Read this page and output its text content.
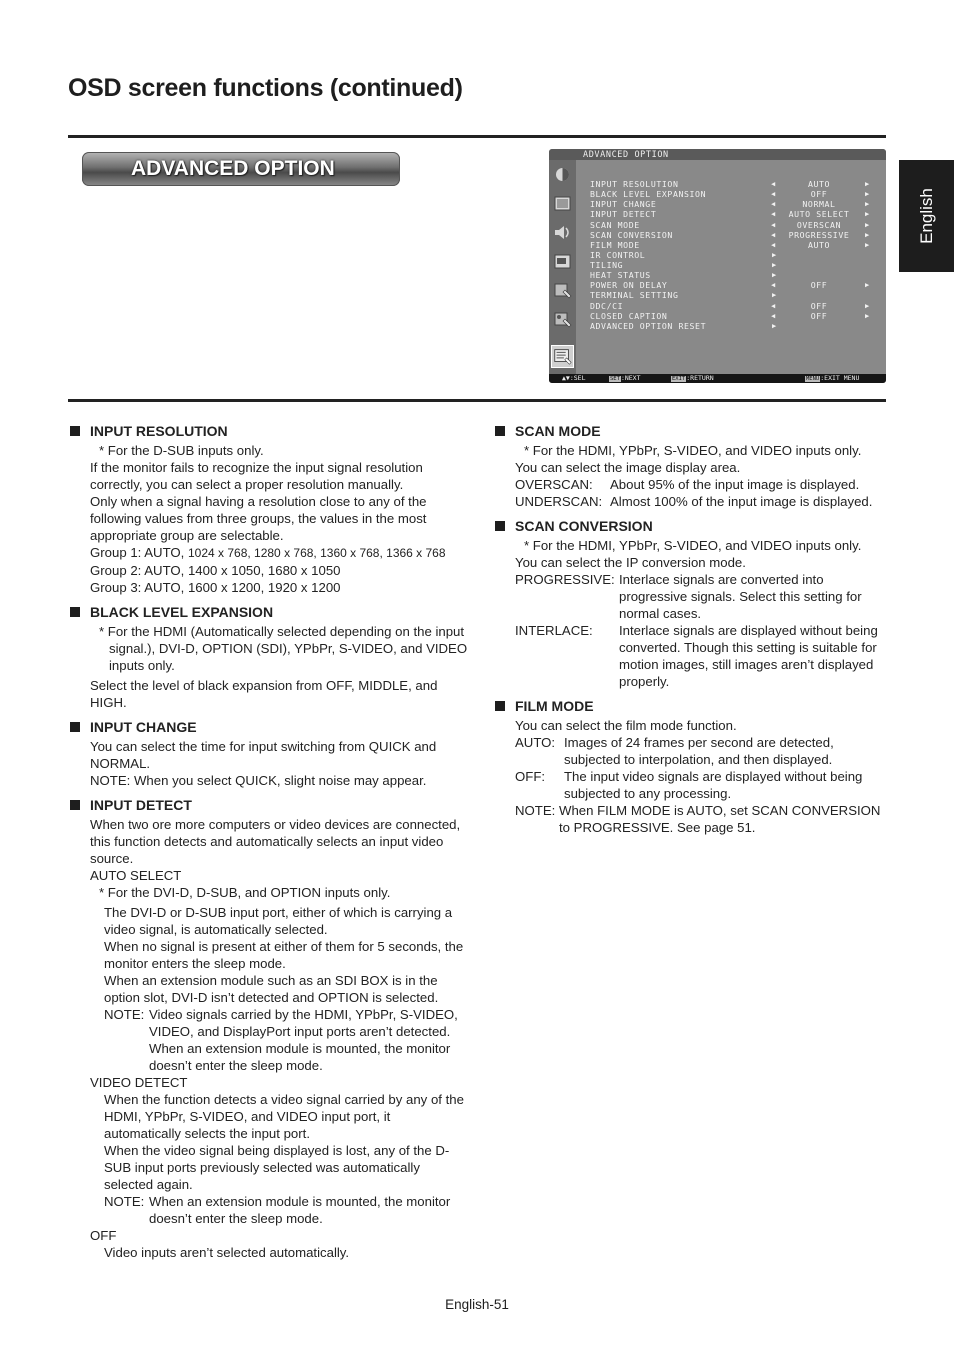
OSD screen functions (continued)
ADVANCED OPTION
English
ADVANCED OPTION
INPUT RESOLUTION	◀	AUTO	▶
BLACK LEVEL EXPANSION	◀	OFF	▶
INPUT CHANGE	◀	NORMAL	▶
INPUT DETECT	◀	AUTO SELECT	▶
SCAN MODE	◀	OVERSCAN	▶
SCAN CONVERSION	◀	PROGRESSIVE	▶
FILM MODE	◀	AUTO	▶
IR CONTROL	▶
TILING	▶
HEAT STATUS	▶
POWER ON DELAY	◀	OFF	▶
TERMINAL SETTING	▶
DDC/CI	◀	OFF	▶
CLOSED CAPTION	◀	OFF	▶
ADVANCED OPTION RESET	▶
▲▼:SEL	SET:NEXT	EXIT:RETURN	MENU:EXIT MENU
INPUT RESOLUTION
* For the D-SUB inputs only.
If the monitor fails to recognize the input signal resolution correctly, you can select a proper resolution manually.
Only when a signal having a resolution close to any of the following values from three groups, the values in the most appropriate group are selectable.
Group 1: AUTO, 1024 x 768, 1280 x 768, 1360 x 768, 1366 x 768
Group 2: AUTO, 1400 x 1050, 1680 x 1050
Group 3: AUTO, 1600 x 1200, 1920 x 1200
BLACK LEVEL EXPANSION
* For the HDMI (Automatically selected depending on the input signal.), DVI-D, OPTION (SDI), YPbPr, S-VIDEO, and VIDEO inputs only.
Select the level of black expansion from OFF, MIDDLE, and HIGH.
INPUT CHANGE
You can select the time for input switching from QUICK and NORMAL.
NOTE: When you select QUICK, slight noise may appear.
INPUT DETECT
When two ore more computers or video devices are connected, this function detects and automatically selects an input video source.
AUTO SELECT
* For the DVI-D, D-SUB, and OPTION inputs only.
The DVI-D or D-SUB input port, either of which is carrying a video signal, is automatically selected.
When no signal is present at either of them for 5 seconds, the monitor enters the sleep mode.
When an extension module such as an SDI BOX is in the option slot, DVI-D isn’t detected and OPTION is selected.
NOTE: Video signals carried by the HDMI, YPbPr, S-VIDEO, VIDEO, and DisplayPort input ports aren’t detected.
When an extension module is mounted, the monitor doesn’t enter the sleep mode.
VIDEO DETECT
When the function detects a video signal carried by any of the HDMI, YPbPr, S-VIDEO, and VIDEO input port, it automatically selects the input port.
When the video signal being displayed is lost, any of the D-SUB input ports previously selected was automatically selected again.
NOTE: When an extension module is mounted, the monitor doesn’t enter the sleep mode.
OFF
Video inputs aren’t selected automatically.
SCAN MODE
* For the HDMI, YPbPr, S-VIDEO, and VIDEO inputs only.
You can select the image display area.
OVERSCAN:	About 95% of the input image is displayed.
UNDERSCAN: Almost 100% of the input image is displayed.
SCAN CONVERSION
* For the HDMI, YPbPr, S-VIDEO, and VIDEO inputs only.
You can select the IP conversion mode.
PROGRESSIVE: Interlace signals are converted into progressive signals. Select this setting for normal cases.
INTERLACE:	Interlace signals are displayed without being converted. Though this setting is suitable for motion images, still images aren’t displayed properly.
FILM MODE
You can select the film mode function.
AUTO: Images of 24 frames per second are detected, subjected to interpolation, and then displayed.
OFF:	The input video signals are displayed without being subjected to any processing.
NOTE: When FILM MODE is AUTO, set SCAN CONVERSION to PROGRESSIVE. See page 51.
English-51
